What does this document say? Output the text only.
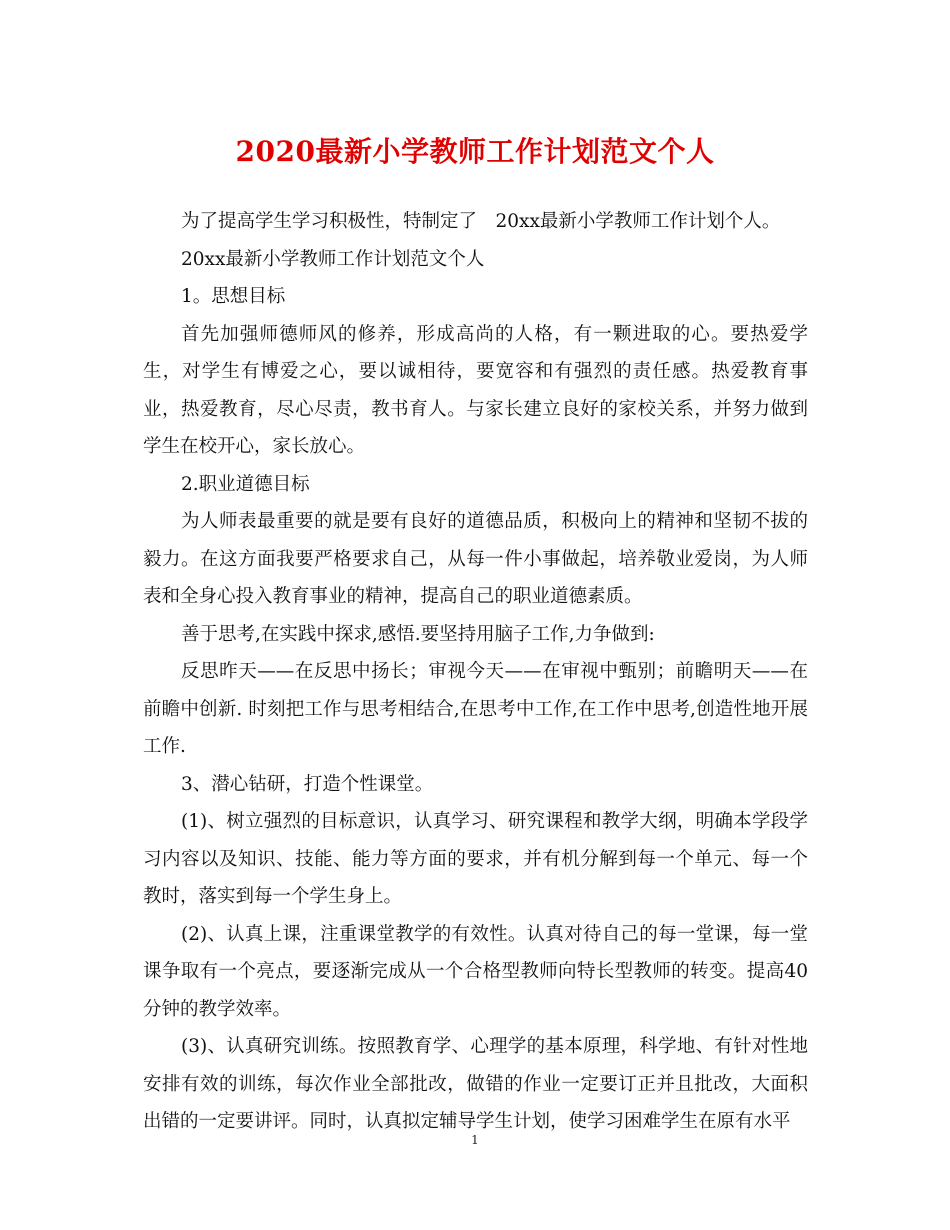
2020最新小学教师工作计划范文个人

为了提高学生学习积极性，特制定了　20xx最新小学教师工作计划个人。

20xx最新小学教师工作计划范文个人

1。思想目标

首先加强师德师风的修养，形成高尚的人格，有一颗进取的心。要热爱学生，对学生有博爱之心，要以诚相待，要宽容和有强烈的责任感。热爱教育事业，热爱教育，尽心尽责，教书育人。与家长建立良好的家校关系，并努力做到学生在校开心，家长放心。

2.职业道德目标

为人师表最重要的就是要有良好的道德品质，积极向上的精神和坚韧不拔的毅力。在这方面我要严格要求自己，从每一件小事做起，培养敬业爱岗，为人师表和全身心投入教育事业的精神，提高自己的职业道德素质。

善于思考,在实践中探求,感悟.要坚持用脑子工作,力争做到:

反思昨天——在反思中扬长；审视今天——在审视中甄别；前瞻明天——在前瞻中创新. 时刻把工作与思考相结合,在思考中工作,在工作中思考,创造性地开展工作.

3、潜心钻研，打造个性课堂。

(1)、树立强烈的目标意识，认真学习、研究课程和教学大纲，明确本学段学习内容以及知识、技能、能力等方面的要求，并有机分解到每一个单元、每一个教时，落实到每一个学生身上。

(2)、认真上课，注重课堂教学的有效性。认真对待自己的每一堂课，每一堂课争取有一个亮点，要逐渐完成从一个合格型教师向特长型教师的转变。提高40分钟的教学效率。

(3)、认真研究训练。按照教育学、心理学的基本原理，科学地、有针对性地安排有效的训练，每次作业全部批改，做错的作业一定要订正并且批改，大面积出错的一定要讲评。同时，认真拟定辅导学生计划，使学习困难学生在原有水平

1
